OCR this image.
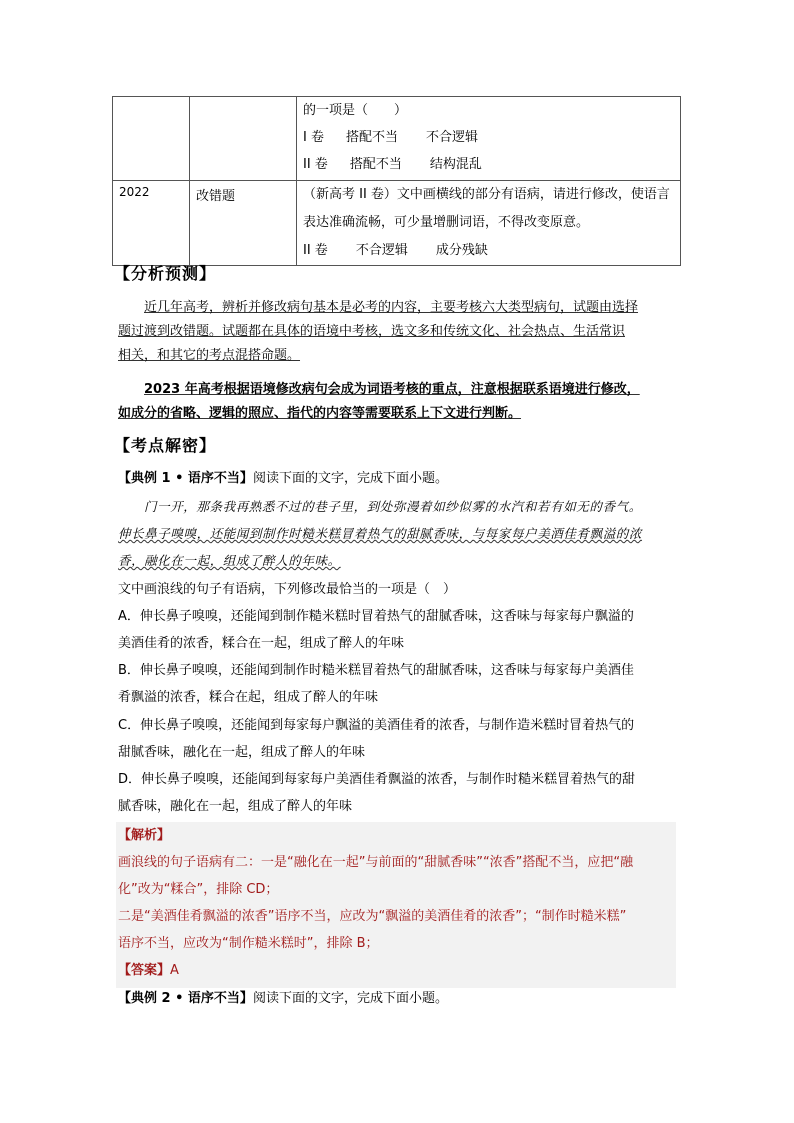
		的一项是（　　）
I 卷 搭配不当 不合逻辑
II 卷 搭配不当 结构混乱

2022	改错题	（新高考 II 卷）文中画横线的部分有语病，请进行修改，使语言
表达准确流畅，可少量增删词语，不得改变原意。
II 卷 不合逻辑 成分残缺
【分析预测】

近几年高考，辨析并修改病句基本是必考的内容，主要考核六大类型病句，试题由选择

题过渡到改错题。试题都在具体的语境中考核，选文多和传统文化、社会热点、生活常识

相关，和其它的考点混搭命题。

2023 年高考根据语境修改病句会成为词语考核的重点，注意根据联系语境进行修改，

如成分的省略、逻辑的照应、指代的内容等需要联系上下文进行判断。

【考点解密】
【典例 1 • 语序不当】阅读下面的文字，完成下面小题。
门一开，那条我再熟悉不过的巷子里，到处弥漫着如纱似雾的水汽和若有如无的香气。
伸长鼻子嗅嗅，还能闻到制作时糙米糕冒着热气的甜腻香味，与每家每户美酒佳肴飘溢的浓
香，融化在一起，组成了醉人的年味。
文中画浪线的句子有语病，下列修改最恰当的一项是（　）
A．伸长鼻子嗅嗅，还能闻到制作糙米糕时冒着热气的甜腻香味，这香味与每家每户飘溢的
美酒佳肴的浓香，糅合在一起，组成了醉人的年味
B．伸长鼻子嗅嗅，还能闻到制作时糙米糕冒着热气的甜腻香味，这香味与每家每户美酒佳
肴飘溢的浓香，糅合在起，组成了醉人的年味
C．伸长鼻子嗅嗅，还能闻到每家每户飘溢的美酒佳肴的浓香，与制作造米糕时冒着热气的
甜腻香味，融化在一起，组成了醉人的年味
D．伸长鼻子嗅嗅，还能闻到每家每户美酒佳肴飘溢的浓香，与制作时糙米糕冒着热气的甜
腻香味，融化在一起，组成了醉人的年味
【解析】
画浪线的句子语病有二：一是“融化在一起”与前面的“甜腻香味”“浓香”搭配不当，应把“融
化”改为“糅合”，排除 CD；
二是“美酒佳肴飘溢的浓香”语序不当，应改为“飘溢的美酒佳肴的浓香”；“制作时糙米糕”
语序不当，应改为“制作糙米糕时”，排除 B；
【答案】A
【典例 2 • 语序不当】阅读下面的文字，完成下面小题。
